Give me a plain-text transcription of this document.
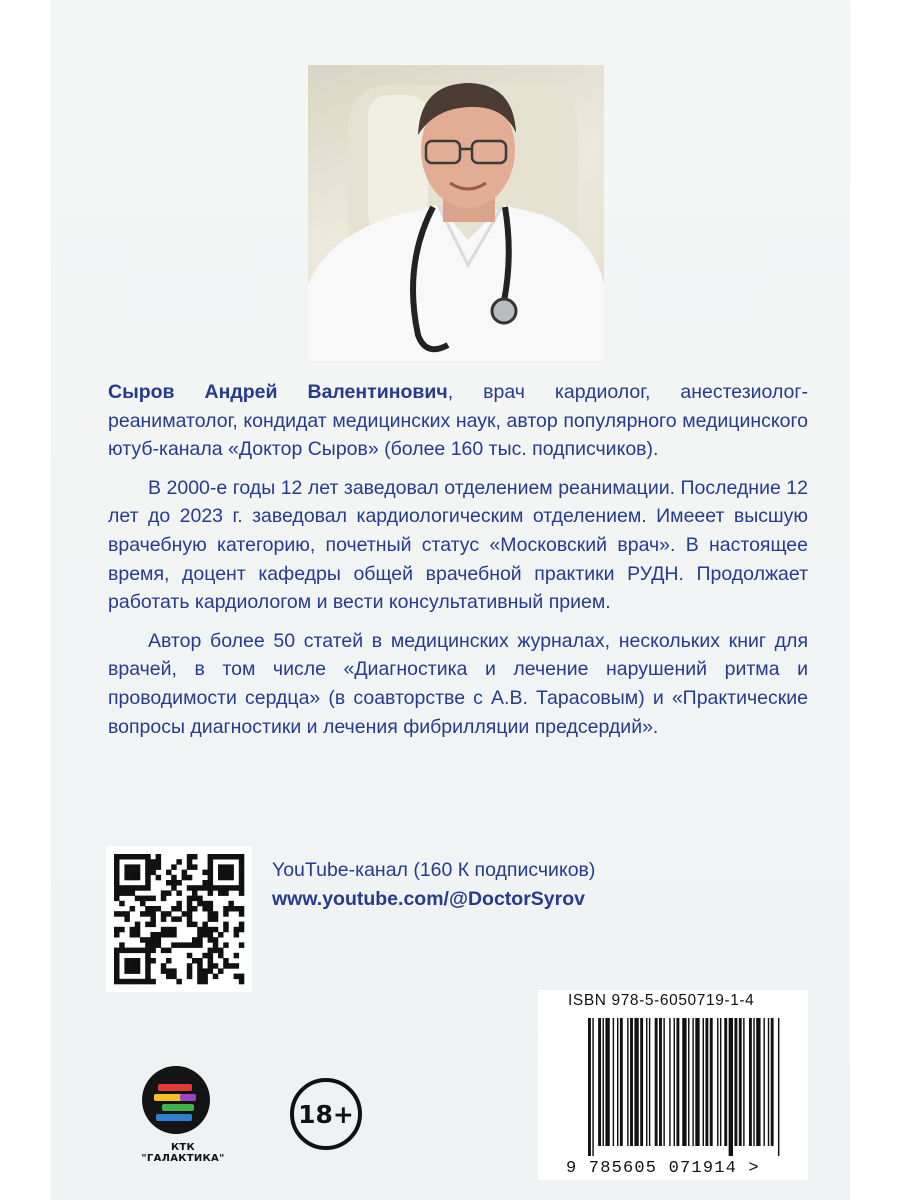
Сыров Андрей Валентинович, врач кардиолог, анестезиолог-реаниматолог, кондидат медицинских наук, автор популярного медицинского ютуб-канала «Доктор Сыров» (более 160 тыс. подписчиков).

В 2000-е годы 12 лет заведовал отделением реанимации. Последние 12 лет до 2023 г. заведовал кардиологическим отделением. Имееет высшую врачебную категорию, почетный статус «Московский врач». В настоящее время, доцент кафедры общей врачебной практики РУДН. Продолжает работать кардиологом и вести консультативный прием.

Автор более 50 статей в медицинских журналах, нескольких книг для врачей, в том числе «Диагностика и лечение нарушений ритма и проводимости сердца» (в соавторстве с А.В. Тарасовым) и «Практические вопросы диагностики и лечения фибрилляции предсердий».

YouTube-канал (160 К подписчиков)
www.youtube.com/@DoctorSyrov
ISBN 978-5-6050719-1-4
9 785605 071914 >
КТК "ГАЛАКТИКА"
18+
